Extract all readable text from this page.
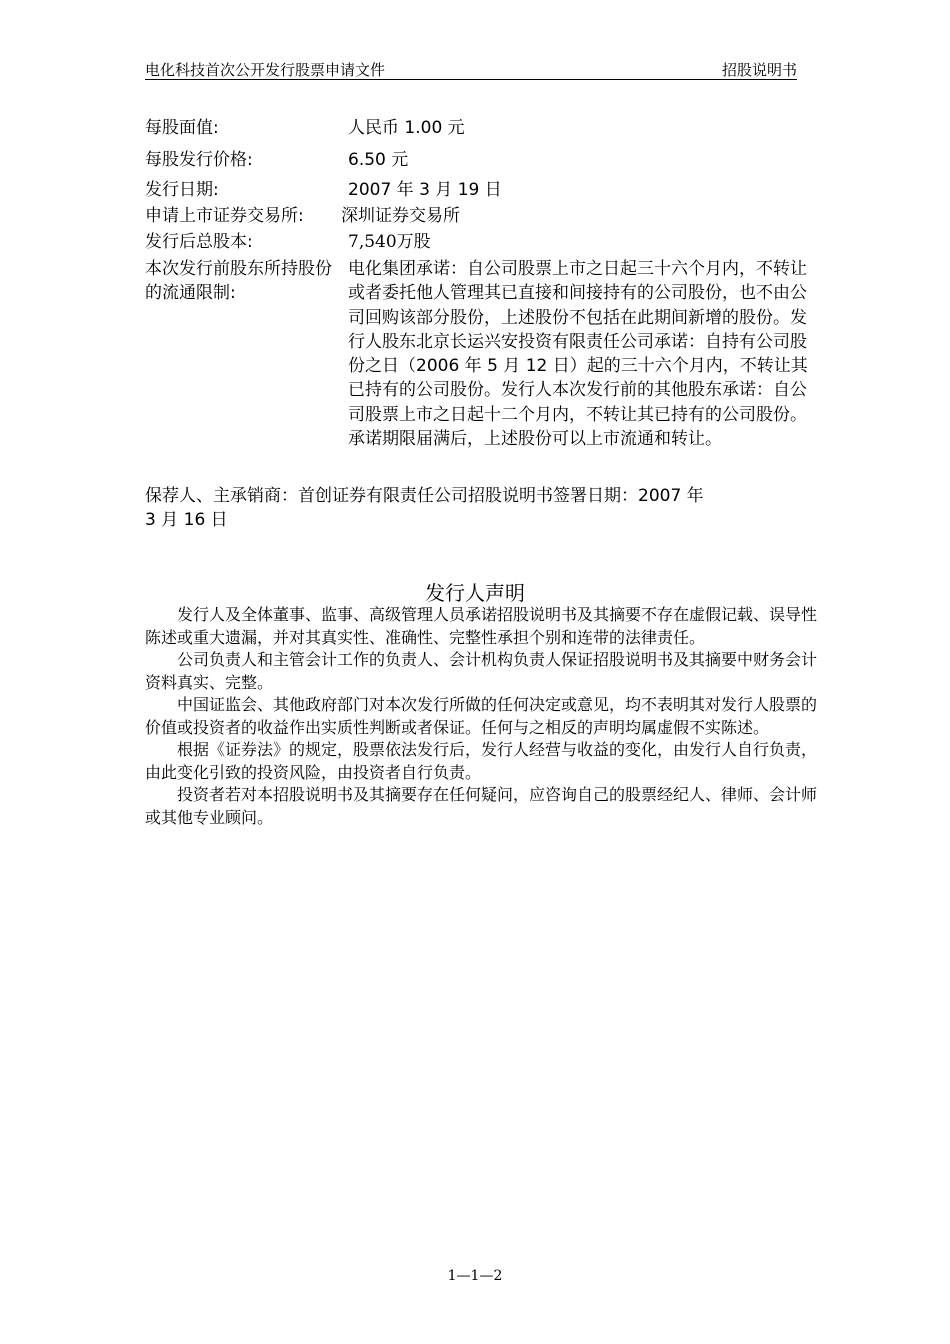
电化科技首次公开发行股票申请文件	招股说明书
每股面值:	人民币 1.00 元
每股发行价格:	6.50 元
发行日期:	2007 年 3 月 19 日
申请上市证券交易所: 深圳证券交易所
发行后总股本:	7,540万股
本次发行前股东所持股份的流通限制:
电化集团承诺：自公司股票上市之日起三十六个月内，不转让或者委托他人管理其已直接和间接持有的公司股份，也不由公司回购该部分股份，上述股份不包括在此期间新增的股份。发行人股东北京长运兴安投资有限责任公司承诺：自持有公司股份之日（2006 年 5 月 12 日）起的三十六个月内，不转让其已持有的公司股份。发行人本次发行前的其他股东承诺：自公司股票上市之日起十二个月内，不转让其已持有的公司股份。承诺期限届满后，上述股份可以上市流通和转让。
保荐人、主承销商：首创证券有限责任公司招股说明书签署日期：2007 年 3 月 16 日
发行人声明

发行人及全体董事、监事、高级管理人员承诺招股说明书及其摘要不存在虚假记载、误导性陈述或重大遗漏，并对其真实性、准确性、完整性承担个别和连带的法律责任。

公司负责人和主管会计工作的负责人、会计机构负责人保证招股说明书及其摘要中财务会计资料真实、完整。

中国证监会、其他政府部门对本次发行所做的任何决定或意见，均不表明其对发行人股票的价值或投资者的收益作出实质性判断或者保证。任何与之相反的声明均属虚假不实陈述。

根据《证券法》的规定，股票依法发行后，发行人经营与收益的变化，由发行人自行负责，由此变化引致的投资风险，由投资者自行负责。

投资者若对本招股说明书及其摘要存在任何疑问，应咨询自己的股票经纪人、律师、会计师或其他专业顾问。

1—1—2
